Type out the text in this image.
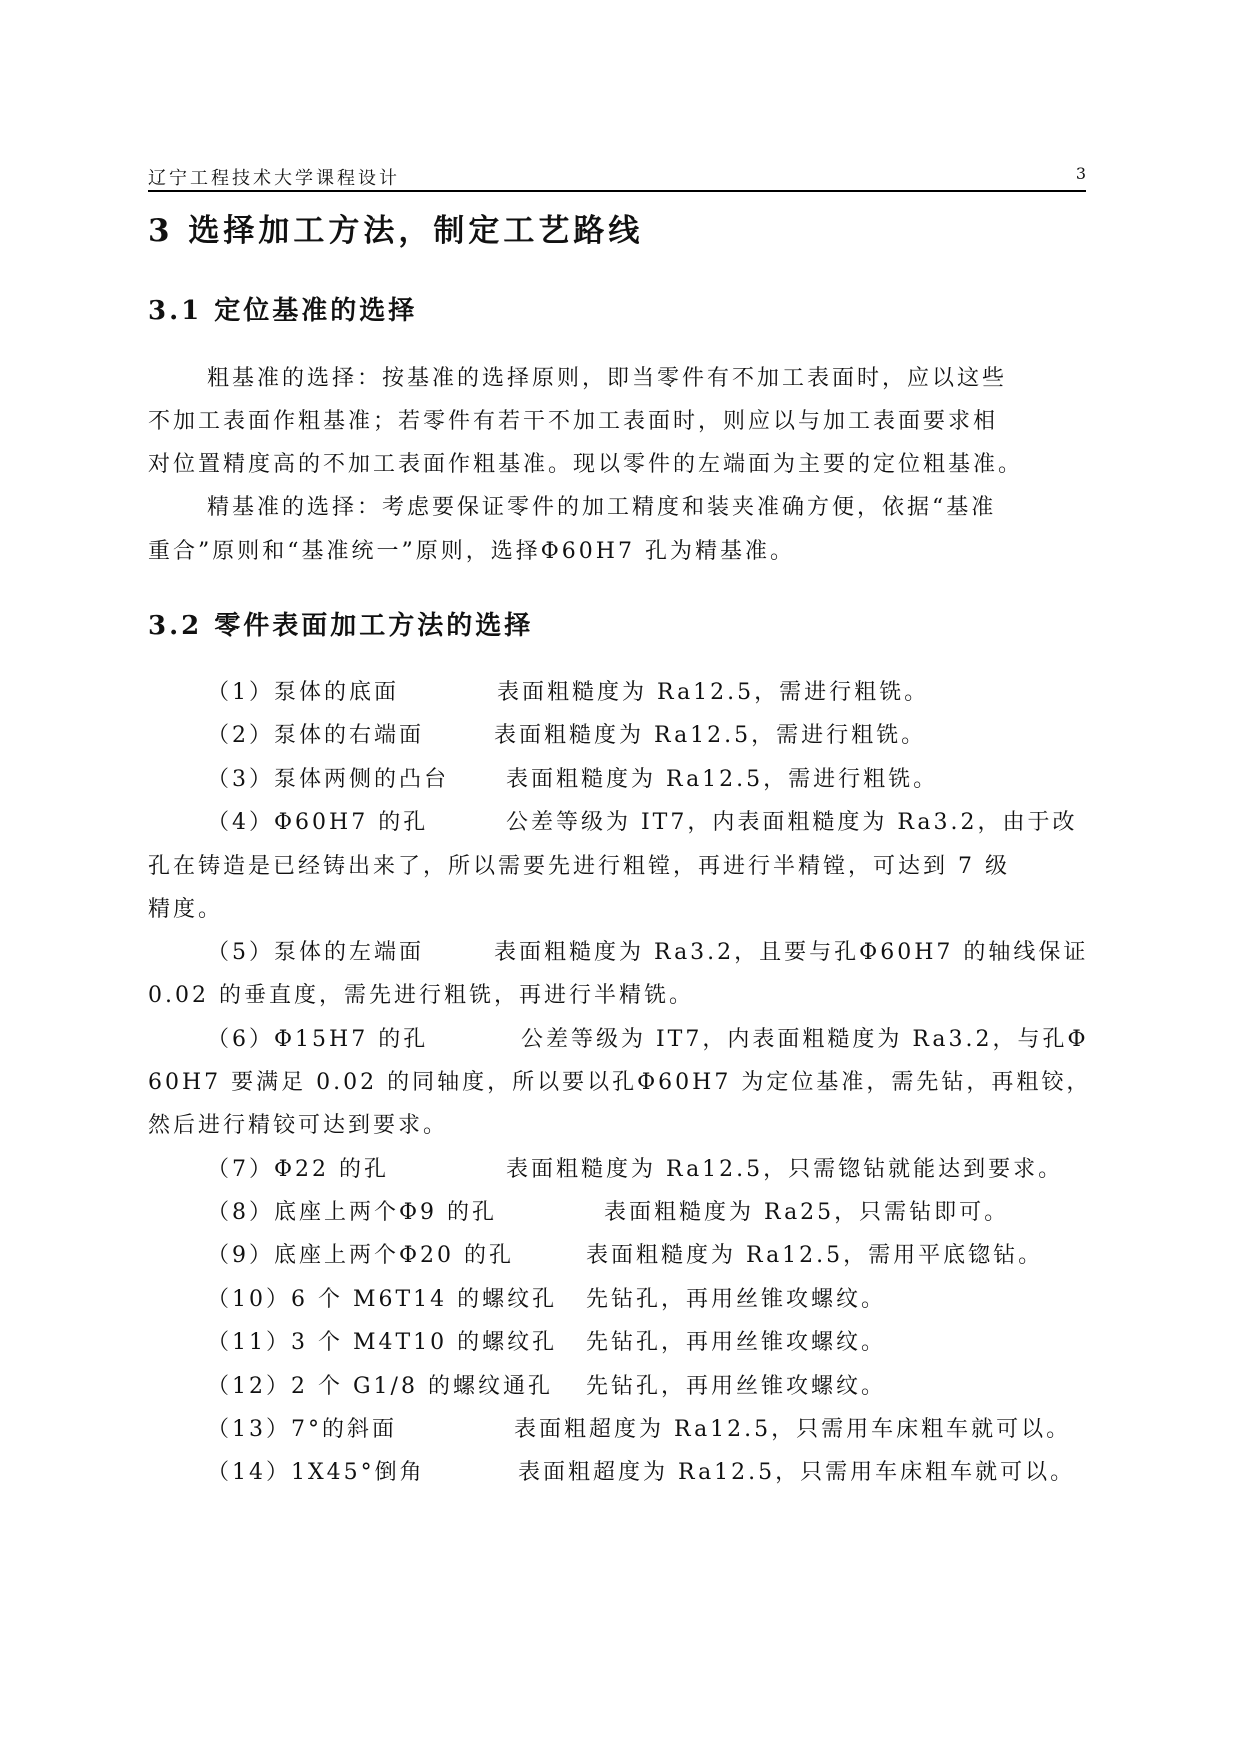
辽宁工程技术大学课程设计	3
3 选择加工方法，制定工艺路线
3.1 定位基准的选择
粗基准的选择：按基准的选择原则，即当零件有不加工表面时，应以这些
不加工表面作粗基准；若零件有若干不加工表面时，则应以与加工表面要求相
对位置精度高的不加工表面作粗基准。现以零件的左端面为主要的定位粗基准。
精基准的选择：考虑要保证零件的加工精度和装夹准确方便，依据“基准
重合”原则和“基准统一”原则，选择Φ60H7 孔为精基准。
3.2 零件表面加工方法的选择
（1）泵体的底面	表面粗糙度为 Ra12.5，需进行粗铣。
（2）泵体的右端面	表面粗糙度为 Ra12.5，需进行粗铣。
（3）泵体两侧的凸台	表面粗糙度为 Ra12.5，需进行粗铣。
（4）Φ60H7 的孔	公差等级为 IT7，内表面粗糙度为 Ra3.2，由于改
孔在铸造是已经铸出来了，所以需要先进行粗镗，再进行半精镗，可达到 7 级
精度。
（5）泵体的左端面	表面粗糙度为 Ra3.2，且要与孔Φ60H7 的轴线保证
0.02 的垂直度，需先进行粗铣，再进行半精铣。
（6）Φ15H7 的孔	公差等级为 IT7，内表面粗糙度为 Ra3.2，与孔Φ
60H7 要满足 0.02 的同轴度，所以要以孔Φ60H7 为定位基准，需先钻，再粗铰，
然后进行精铰可达到要求。
（7）Φ22 的孔	表面粗糙度为 Ra12.5，只需锪钻就能达到要求。
（8）底座上两个Φ9 的孔	表面粗糙度为 Ra25，只需钻即可。
（9）底座上两个Φ20 的孔	表面粗糙度为 Ra12.5，需用平底锪钻。
（10）6 个 M6T14 的螺纹孔 先钻孔，再用丝锥攻螺纹。
（11）3 个 M4T10 的螺纹孔 先钻孔，再用丝锥攻螺纹。
（12）2 个 G1/8 的螺纹通孔 先钻孔，再用丝锥攻螺纹。
（13）7°的斜面	表面粗超度为 Ra12.5，只需用车床粗车就可以。
（14）1X45°倒角	表面粗超度为 Ra12.5，只需用车床粗车就可以。
